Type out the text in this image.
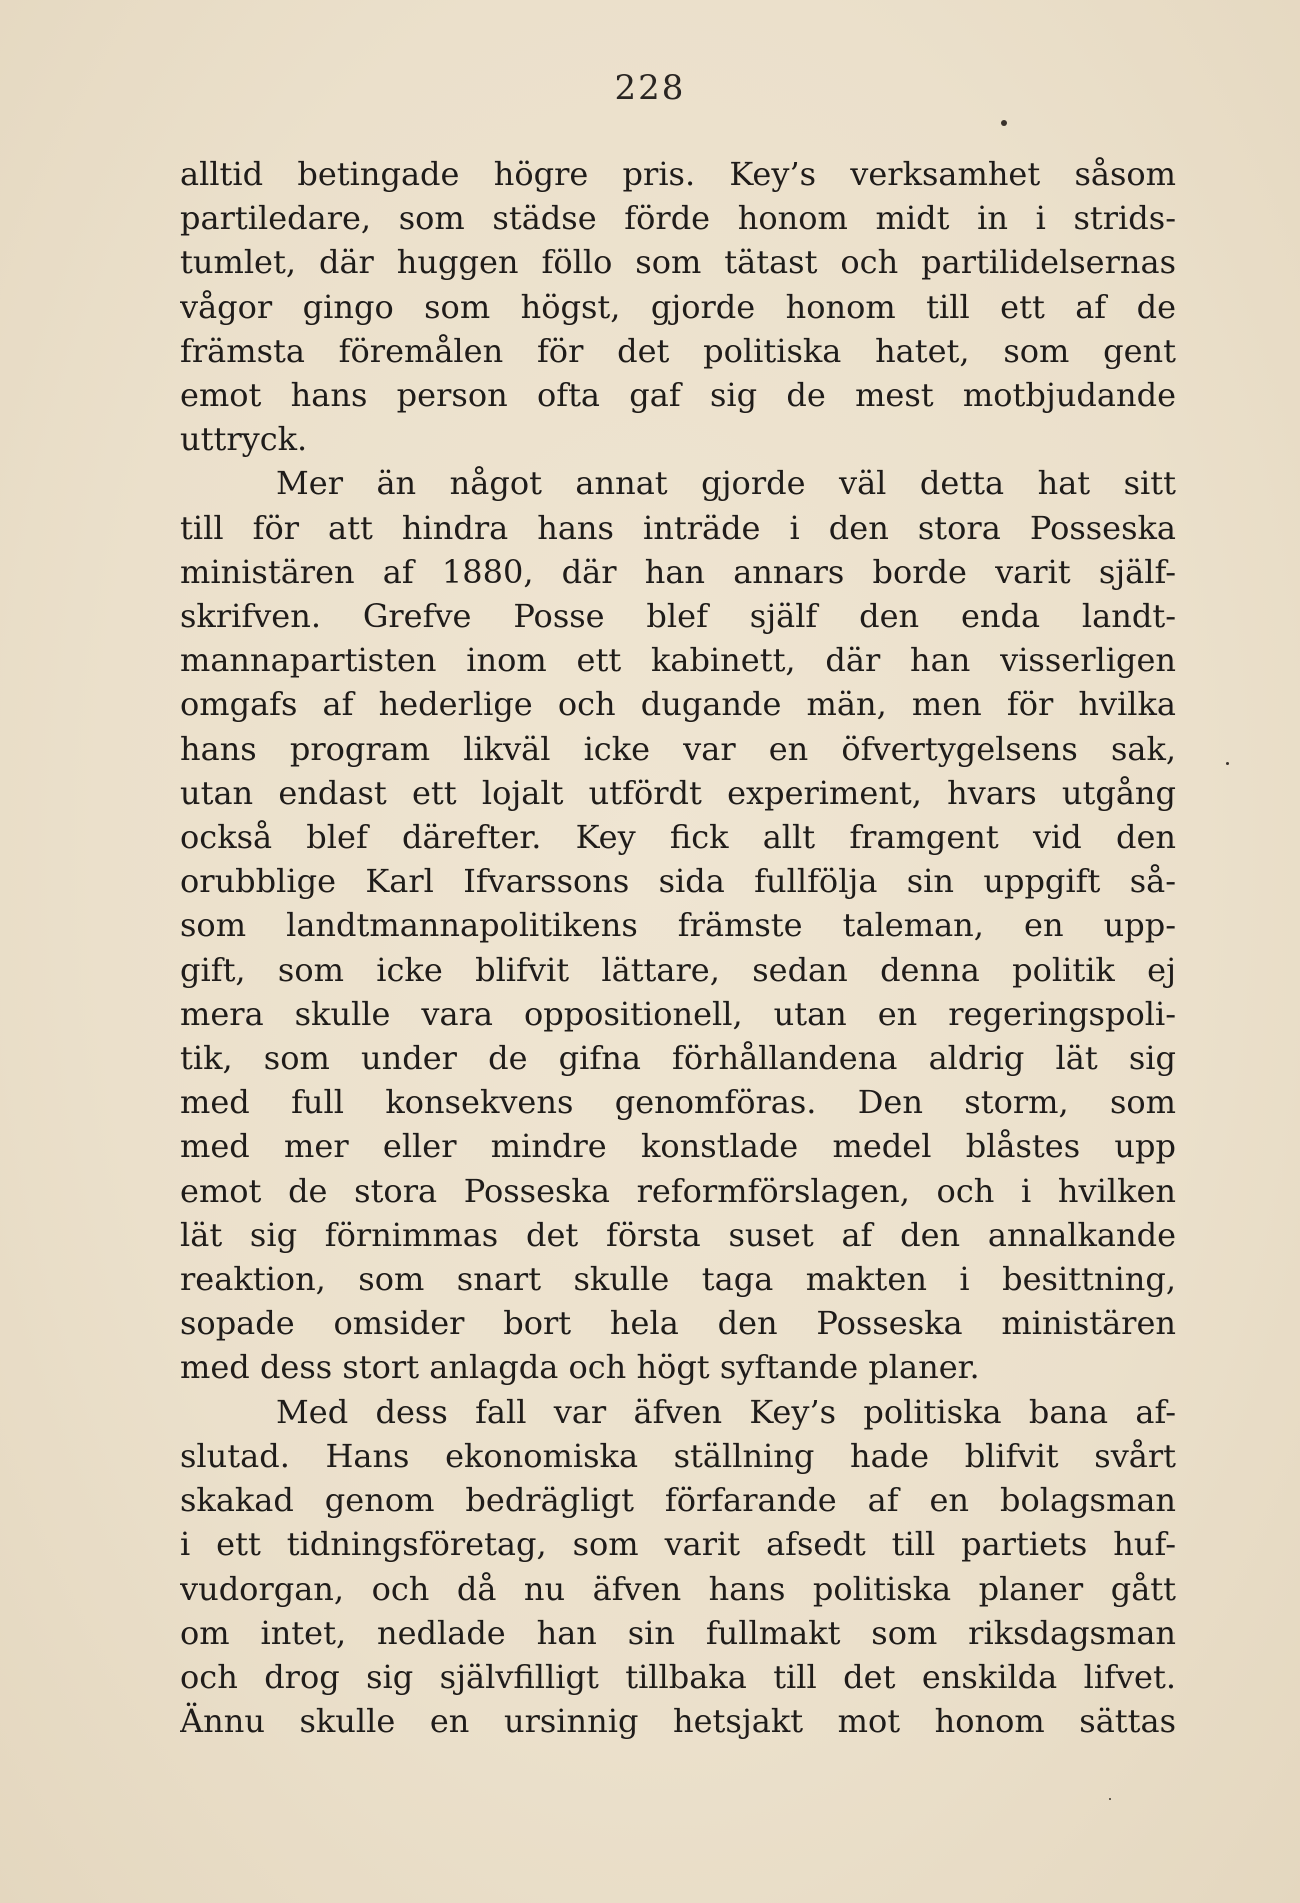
228
alltid betingade högre pris. Key’s verksamhet såsom
partiledare, som städse förde honom midt in i strids-
tumlet, där huggen föllo som tätast och partilidelsernas
vågor gingo som högst, gjorde honom till ett af de
främsta föremålen för det politiska hatet, som gent
emot hans person ofta gaf sig de mest motbjudande
uttryck.
Mer än något annat gjorde väl detta hat sitt
till för att hindra hans inträde i den stora Posseska
ministären af 1880, där han annars borde varit själf-
skrifven. Grefve Posse blef själf den enda landt-
mannapartisten inom ett kabinett, där han visserligen
omgafs af hederlige och dugande män, men för hvilka
hans program likväl icke var en öfvertygelsens sak,
utan endast ett lojalt utfördt experiment, hvars utgång
också blef därefter. Key fick allt framgent vid den
orubblige Karl Ifvarssons sida fullfölja sin uppgift så-
som landtmannapolitikens främste taleman, en upp-
gift, som icke blifvit lättare, sedan denna politik ej
mera skulle vara oppositionell, utan en regeringspoli-
tik, som under de gifna förhållandena aldrig lät sig
med full konsekvens genomföras. Den storm, som
med mer eller mindre konstlade medel blåstes upp
emot de stora Posseska reformförslagen, och i hvilken
lät sig förnimmas det första suset af den annalkande
reaktion, som snart skulle taga makten i besittning,
sopade omsider bort hela den Posseska ministären
med dess stort anlagda och högt syftande planer.
Med dess fall var äfven Key’s politiska bana af-
slutad. Hans ekonomiska ställning hade blifvit svårt
skakad genom bedrägligt förfarande af en bolagsman
i ett tidningsföretag, som varit afsedt till partiets huf-
vudorgan, och då nu äfven hans politiska planer gått
om intet, nedlade han sin fullmakt som riksdagsman
och drog sig självfilligt tillbaka till det enskilda lifvet.
Ännu skulle en ursinnig hetsjakt mot honom sättas
